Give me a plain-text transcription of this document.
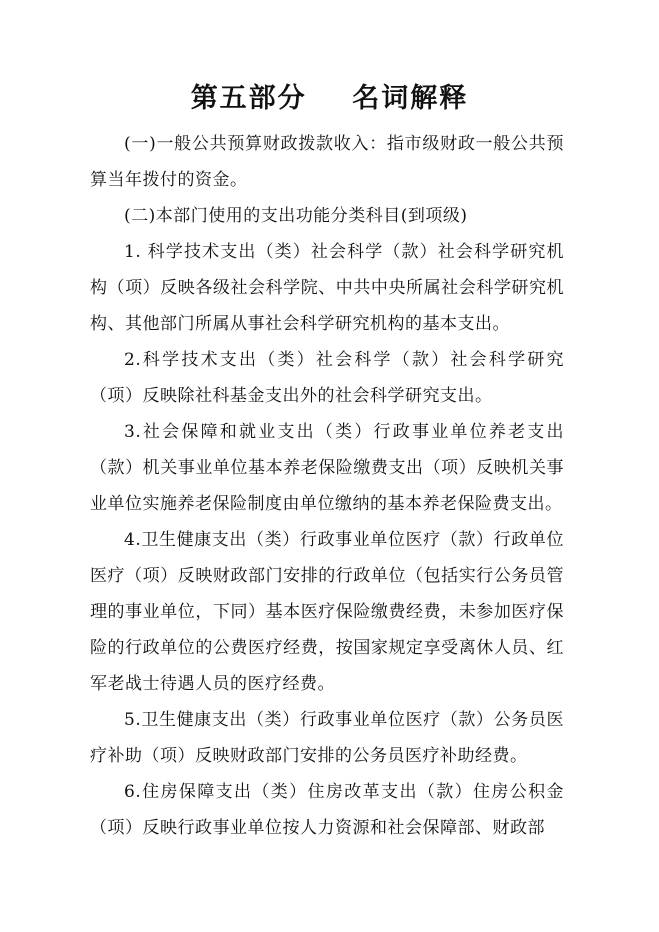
第五部分    名词解释

(一)一般公共预算财政拨款收入：指市级财政一般公共预算当年拨付的资金。

(二)本部门使用的支出功能分类科目(到项级)

1. 科学技术支出（类）社会科学（款）社会科学研究机构（项）反映各级社会科学院、中共中央所属社会科学研究机构、其他部门所属从事社会科学研究机构的基本支出。

2.科学技术支出（类）社会科学（款）社会科学研究（项）反映除社科基金支出外的社会科学研究支出。

3.社会保障和就业支出（类）行政事业单位养老支出（款）机关事业单位基本养老保险缴费支出（项）反映机关事业单位实施养老保险制度由单位缴纳的基本养老保险费支出。

4.卫生健康支出（类）行政事业单位医疗（款）行政单位医疗（项）反映财政部门安排的行政单位（包括实行公务员管理的事业单位，下同）基本医疗保险缴费经费，未参加医疗保险的行政单位的公费医疗经费，按国家规定享受离休人员、红军老战士待遇人员的医疗经费。

5.卫生健康支出（类）行政事业单位医疗（款）公务员医疗补助（项）反映财政部门安排的公务员医疗补助经费。

6.住房保障支出（类）住房改革支出（款）住房公积金（项）反映行政事业单位按人力资源和社会保障部、财政部
